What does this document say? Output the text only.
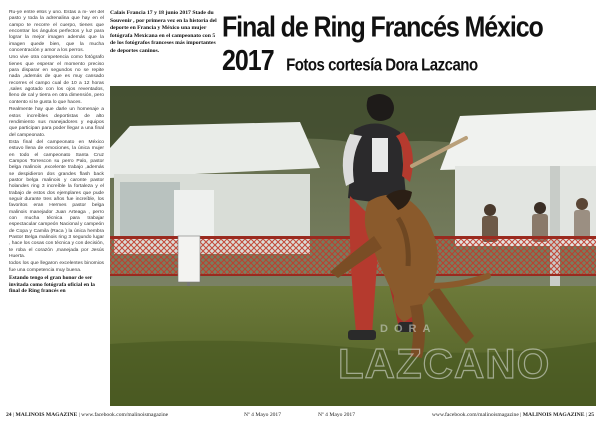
Ru-ye entre ellos y uno. Estas a ni- vel del pasto y toda la adrenalina que hay en el campo te recorre el cuerpo, tienes que encontrar los ángulos perfectos y luz para lograr la mejor imagen además que la imagen quede bien, que la mucha concentración y amor a los perros.

Uno vive otra competencia como fotógrafo tienes que esperar el momento preciso para disparar en segundos no se repite nada ,además de que es muy cansado recorres el campo cual de 10 a 12 horas ,sales agotado con los ojos reventados, lleno de cal y tierra en otra dimensión, pero contento si te gusta lo que haces.

Realmente hay que darle un homenaje a estos increíbles deportistas de alto rendimiento sus manejadores y equipos que participan para poder llegar a una final del campeonato.

Esta final del campeonato en México estuvo llena de emociones, la única mujer en todo el campeonato Santa Cruz Campos Torrescon su perro Palo, pastor belga malinois ,excelente trabajo ,además se despidieron dos grandes flash back pastor belga malinois y caronte pastor holandes ring 3 increíble la fortaleza y el trabajo de estos dos ejemplares que pude seguir durante tres años fue increíble, los favoritos eran Hermes pastor belga malinois manejador Juan Arteaga , perro con mucha técnica para trabajar espectacular campeón Nacional y campeón de Copa y Camila (Raca ) la única hembra Pastor Belga malinois ring 3 segundo lugar , hace los cosas con técnica y con decisión, te roba el corazón ,manejada por Jesús Huerta.

todos los que llegaron excelentes binomios fue una competencia muy buena.

Estando tengo el gran honor de ser invitada como fotógrafa oficial en la final de Ring francés en
Calais Francia 17 y 18 junio 2017 Stade du Souvenir , por primera vez en la historia del deporte en Francia y México una mujer fotógrafa Mexicana en el campeonato con 5 de los fotógrafos franceses más importantes de deportes caninos.
Final de Ring Francés México
2017 Fotos cortesía Dora Lazcano
DORA
LAZCANO
24 | MALINOIS MAGAZINE | www.facebook.com/malinoismagazine	Nº 4 Mayo 2017	Nº 4 Mayo 2017	www.facebook.com/malinoismagazine | MALINOIS MAGAZINE | 25
